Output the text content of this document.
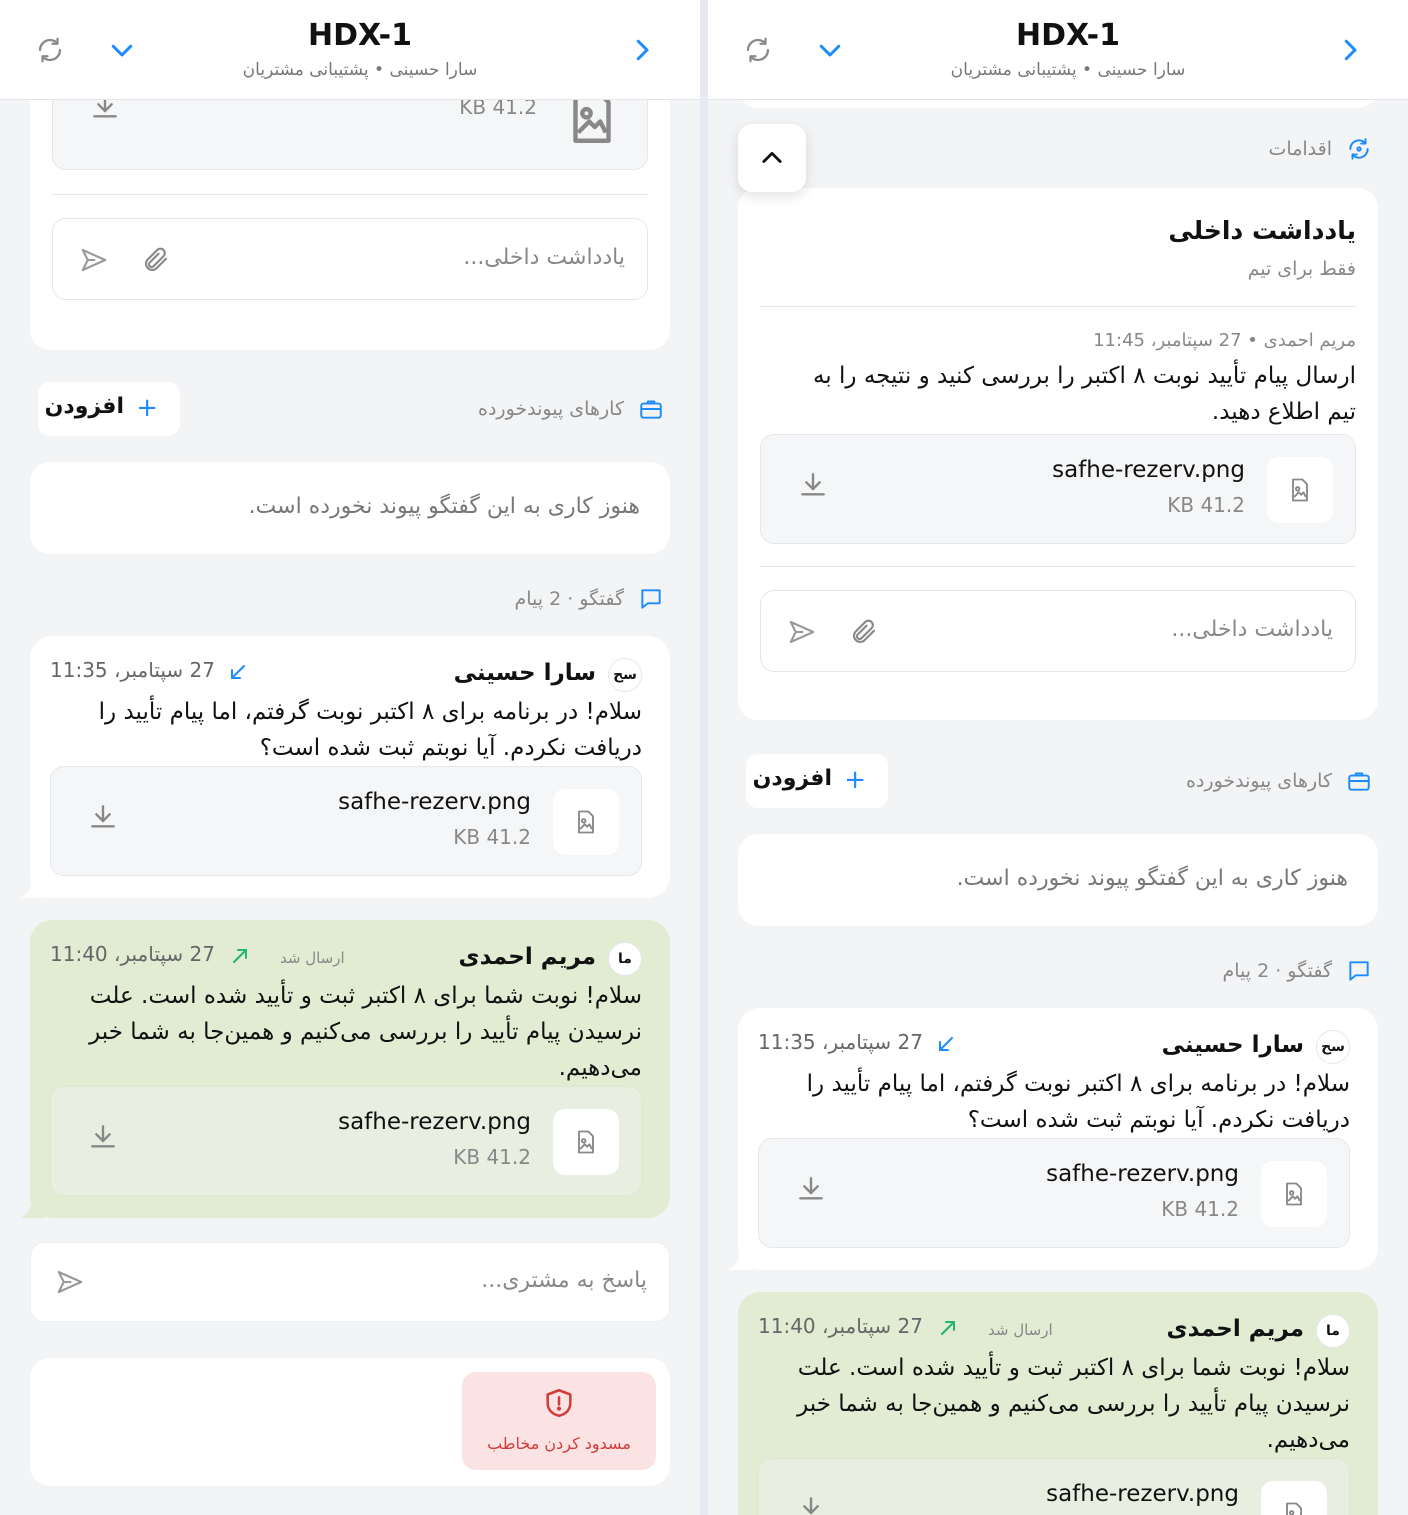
HDX-1
سارا حسینی • پشتیبانی مشتریان
KB 41.2
یادداشت داخلی...
کارهای پیوندخورده
+
افزودن
هنوز کاری به این گفتگو پیوند نخورده است.
گفتگو · 2 پیام
سح
سارا حسینی
27 سپتامبر، 11:35
سلام! در برنامه برای ۸ اکتبر نوبت گرفتم، اما پیام تأیید را دریافت نکردم. آیا نوبتم ثبت شده است؟
safhe-rezerv.png
KB 41.2
ما
مریم احمدی
ارسال شد
27 سپتامبر، 11:40
سلام! نوبت شما برای ۸ اکتبر ثبت و تأیید شده است. علت نرسیدن پیام تأیید را بررسی می‌کنیم و همین‌جا به شما خبر می‌دهیم.
safhe-rezerv.png
KB 41.2
پاسخ به مشتری...
مسدود کردن مخاطب
HDX-1
سارا حسینی • پشتیبانی مشتریان
اقدامات
یادداشت داخلی
فقط برای تیم
مریم احمدی • 27 سپتامبر، 11:45
ارسال پیام تأیید نوبت ۸ اکتبر را بررسی کنید و نتیجه را به تیم اطلاع دهید.
safhe-rezerv.png
KB 41.2
یادداشت داخلی...
کارهای پیوندخورده
+
افزودن
هنوز کاری به این گفتگو پیوند نخورده است.
گفتگو · 2 پیام
سح
سارا حسینی
27 سپتامبر، 11:35
سلام! در برنامه برای ۸ اکتبر نوبت گرفتم، اما پیام تأیید را دریافت نکردم. آیا نوبتم ثبت شده است؟
safhe-rezerv.png
KB 41.2
ما
مریم احمدی
ارسال شد
27 سپتامبر، 11:40
سلام! نوبت شما برای ۸ اکتبر ثبت و تأیید شده است. علت نرسیدن پیام تأیید را بررسی می‌کنیم و همین‌جا به شما خبر می‌دهیم.
safhe-rezerv.png
